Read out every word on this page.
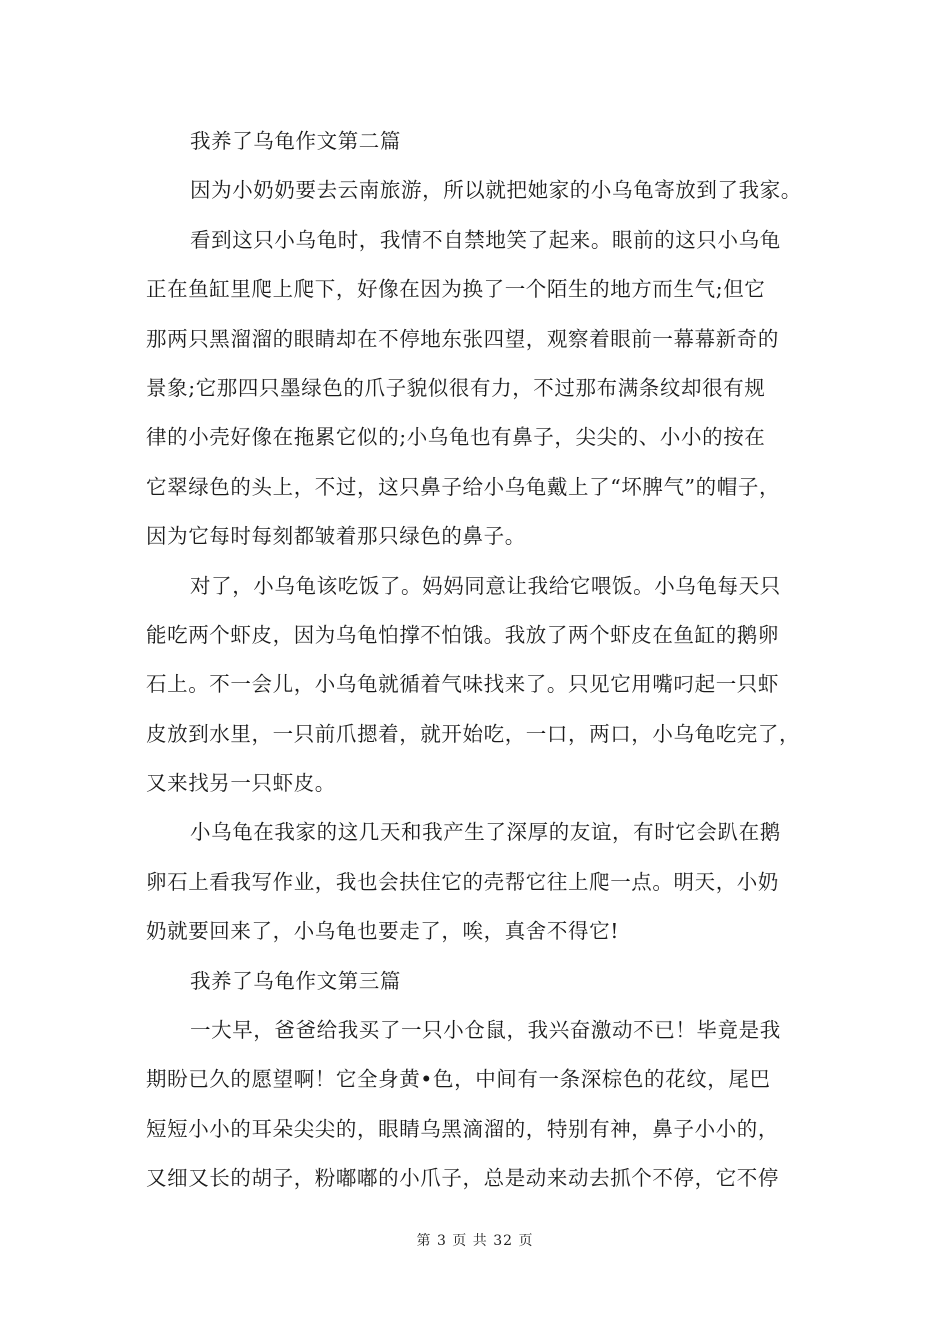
我养了乌龟作文第二篇
因为小奶奶要去云南旅游，所以就把她家的小乌龟寄放到了我家。
看到这只小乌龟时，我情不自禁地笑了起来。眼前的这只小乌龟
正在鱼缸里爬上爬下，好像在因为换了一个陌生的地方而生气;但它
那两只黑溜溜的眼睛却在不停地东张四望，观察着眼前一幕幕新奇的
景象;它那四只墨绿色的爪子貌似很有力，不过那布满条纹却很有规
律的小壳好像在拖累它似的;小乌龟也有鼻子，尖尖的、小小的按在
它翠绿色的头上，不过，这只鼻子给小乌龟戴上了“坏脾气”的帽子，
因为它每时每刻都皱着那只绿色的鼻子。
对了，小乌龟该吃饭了。妈妈同意让我给它喂饭。小乌龟每天只
能吃两个虾皮，因为乌龟怕撑不怕饿。我放了两个虾皮在鱼缸的鹅卵
石上。不一会儿，小乌龟就循着气味找来了。只见它用嘴叼起一只虾
皮放到水里，一只前爪摁着，就开始吃，一口，两口，小乌龟吃完了，
又来找另一只虾皮。
小乌龟在我家的这几天和我产生了深厚的友谊，有时它会趴在鹅
卵石上看我写作业，我也会扶住它的壳帮它往上爬一点。明天，小奶
奶就要回来了，小乌龟也要走了，唉，真舍不得它!
我养了乌龟作文第三篇
一大早，爸爸给我买了一只小仓鼠，我兴奋激动不已！毕竟是我
期盼已久的愿望啊！它全身黄•色，中间有一条深棕色的花纹，尾巴
短短小小的耳朵尖尖的，眼睛乌黑滴溜的，特别有神，鼻子小小的，
又细又长的胡子，粉嘟嘟的小爪子，总是动来动去抓个不停，它不停
第 3 页 共 32 页
